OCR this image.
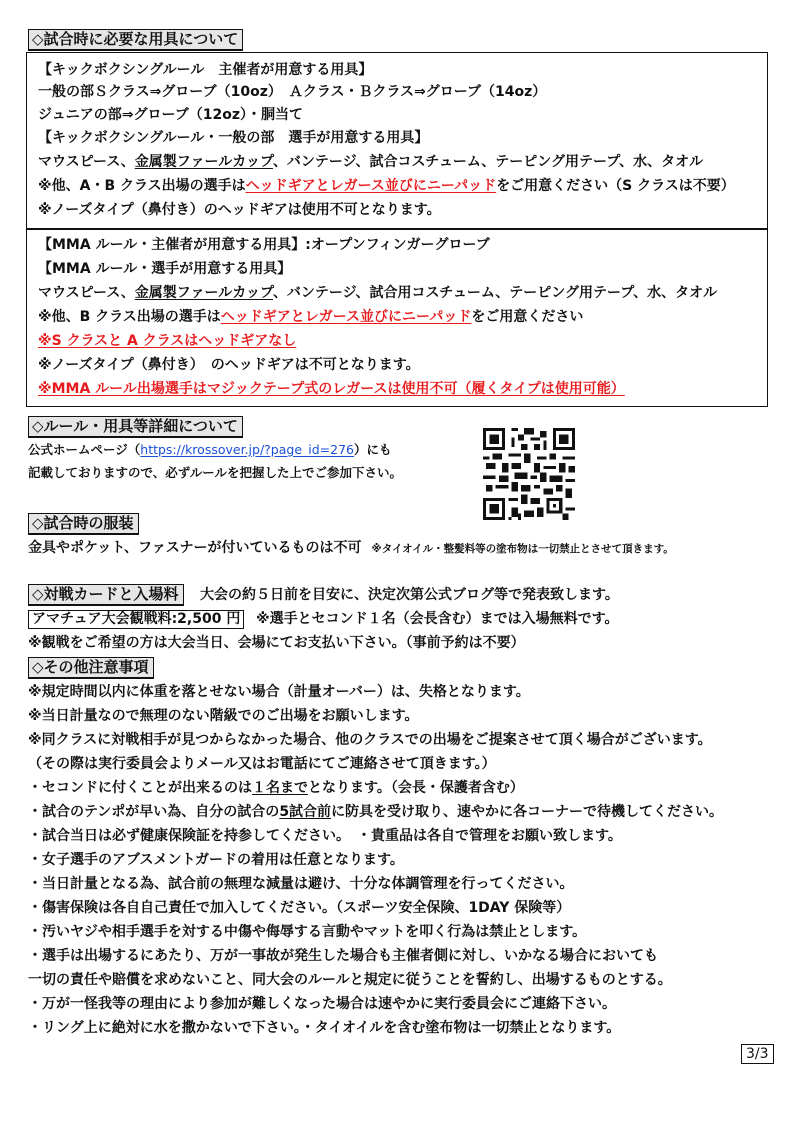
◇試合時に必要な用具について
【キックボクシングルール　主催者が用意する用具】
一般の部Ｓクラス⇒グローブ（10oz）　Ａクラス・Ｂクラス⇒グローブ（14oz）
ジュニアの部⇒グローブ（12oz）・胴当て
【キックボクシングルール・一般の部　選手が用意する用具】
マウスピース、金属製ファールカップ、バンテージ、試合コスチューム、テーピング用テープ、水、タオル
※他、A・B クラス出場の選手はヘッドギアとレガース並びにニーパッドをご用意ください（S クラスは不要）
※ノーズタイプ（鼻付き）のヘッドギアは使用不可となります。
【MMA ルール・主催者が用意する用具】:オープンフィンガーグローブ
【MMA ルール・選手が用意する用具】
マウスピース、金属製ファールカップ、バンテージ、試合用コスチューム、テーピング用テープ、水、タオル
※他、B クラス出場の選手はヘッドギアとレガース並びにニーパッドをご用意ください
※S クラスと A クラスはヘッドギアなし
※ノーズタイプ（鼻付き）　のヘッドギアは不可となります。
※MMA ルール出場選手はマジックテープ式のレガースは使用不可（履くタイプは使用可能）
◇ルール・用具等詳細について
公式ホームページ（https://krossover.jp/?page_id=276）にも
記載しておりますので、必ずルールを把握した上でご参加下さい。
◇試合時の服装
金具やポケット、ファスナーが付いているものは不可 ※タイオイル・整髪料等の塗布物は一切禁止とさせて頂きます。
◇対戦カードと入場料	大会の約５日前を目安に、決定次第公式ブログ等で発表致します。
アマチュア大会観戦料:2,500 円 ※選手とセコンド１名（会長含む）までは入場無料です。
※観戦をご希望の方は大会当日、会場にてお支払い下さい。（事前予約は不要）
◇その他注意事項
※規定時間以内に体重を落とせない場合（計量オーバー）は、失格となります。
※当日計量なので無理のない階級でのご出場をお願いします。
※同クラスに対戦相手が見つからなかった場合、他のクラスでの出場をご提案させて頂く場合がございます。
（その際は実行委員会よりメール又はお電話にてご連絡させて頂きます。）
・セコンドに付くことが出来るのは１名までとなります。（会長・保護者含む）
・試合のテンポが早い為、自分の試合の5試合前に防具を受け取り、速やかに各コーナーで待機してください。
・試合当日は必ず健康保険証を持参してください。　・貴重品は各自で管理をお願い致します。
・女子選手のアブスメントガードの着用は任意となります。
・当日計量となる為、試合前の無理な減量は避け、十分な体調管理を行ってください。
・傷害保険は各自自己責任で加入してください。（スポーツ安全保険、1DAY 保険等）
・汚いヤジや相手選手を対する中傷や侮辱する言動やマットを叩く行為は禁止とします。
・選手は出場するにあたり、万が一事故が発生した場合も主催者側に対し、いかなる場合においても
一切の責任や賠償を求めないこと、同大会のルールと規定に従うことを誓約し、出場するものとする。
・万が一怪我等の理由により参加が難しくなった場合は速やかに実行委員会にご連絡下さい。
・リング上に絶対に水を撒かないで下さい。・タイオイルを含む塗布物は一切禁止となります。
3/3
